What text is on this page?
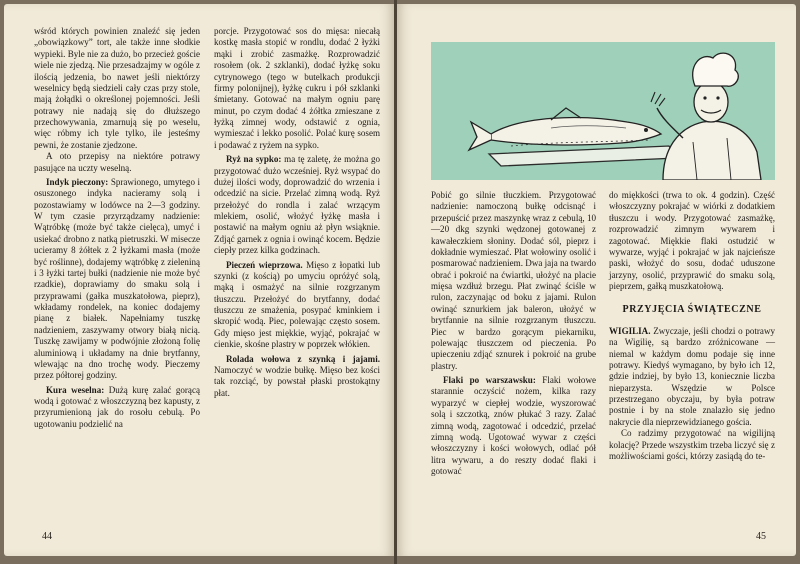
wśród których powinien znaleźć się jeden „obowiązkowy” tort, ale także inne słodkie wypieki. Byle nie za dużo, bo przecież goście wiele nie zjedzą. Nie przesadzajmy w ogóle z ilością jedzenia, bo nawet jeśli niektórzy weselnicy będą siedzieli cały czas przy stole, mają żołądki o określonej pojemności. Jeśli potrawy nie nadają się do dłuższego przechowywania, zmarnują się po weselu, więc róbmy ich tyle tylko, ile jesteśmy pewni, że zostanie zjedzone.

A oto przepisy na niektóre potrawy pasujące na uczty weselną.

Indyk pieczony: Sprawionego, umytego i osuszonego indyka nacieramy solą i pozostawiamy w lodówce na 2—3 godziny. W tym czasie przyrządzamy nadzienie: Wątróbkę (może być także cielęca), umyć i usiekać drobno z natką pietruszki. W misecze ucieramy 8 żółtek z 2 łyżkami masła (może być roślinne), dodajemy wątróbkę z zieleniną i 3 łyżki tartej bułki (nadzienie nie może być rzadkie), doprawiamy do smaku solą i przyprawami (gałka muszkatołowa, pieprz), wkładamy rondelek, na koniec dodajemy pianę z białek. Napełniamy tuszkę nadzieniem, zaszywamy otwory białą nicią. Tuszkę zawijamy w podwójnie złożoną folię aluminiową i układamy na dnie brytfanny, wlewając na dno trochę wody. Pieczemy przez półtorej godziny.

Kura weselna: Dużą kurę zalać gorącą wodą i gotować z włoszczyzną bez kapusty, z przyrumienioną jak do rosołu cebulą. Po ugotowaniu podzielić na

porcje. Przygotować sos do mięsa: niecałą kostkę masła stopić w rondlu, dodać 2 łyżki mąki i zrobić zasmażkę. Rozprowadzić rosołem (ok. 2 szklanki), dodać łyżkę soku cytrynowego (tego w butelkach produkcji firmy polonijnej), łyżkę cukru i pół szklanki śmietany. Gotować na małym ogniu parę minut, po czym dodać 4 żółtka zmieszane z łyżką zimnej wody, odstawić z ognia, wymieszać i lekko posolić. Polać kurę sosem i podawać z ryżem na sypko.

Ryż na sypko: ma tę zaletę, że można go przygotować dużo wcześniej. Ryż wsypać do dużej ilości wody, doprowadzić do wrzenia i odcedzić na sicie. Przelać zimną wodą. Ryż przełożyć do rondla i zalać wrzącym mlekiem, osolić, włożyć łyżkę masła i postawić na małym ogniu aż płyn wsiąknie. Zdjąć garnek z ognia i owinąć kocem. Będzie ciepły przez kilka godzinach.

Pieczeń wieprzowa. Mięso z łopatki lub szynki (z kością) po umyciu opróżyć solą, mąką i osmażyć na silnie rozgrzanym tłuszczu. Przełożyć do brytfanny, dodać tłuszczu ze smażenia, posypać kminkiem i skropić wodą. Piec, polewając często sosem. Gdy mięso jest miękkie, wyjąć, pokrajać w cienkie, skośne plastry w poprzek włókien.

Rolada wołowa z szynką i jajami. Namoczyć w wodzie bułkę. Mięso bez kości tak rozciąć, by powstał płaski prostokątny płat.

44

Pobić go silnie tłuczkiem. Przygotować nadzienie: namoczoną bułkę odcisnąć i przepuścić przez maszynkę wraz z cebulą, 10—20 dkg szynki wędzonej gotowanej z kawałeczkiem słoniny. Dodać sól, pieprz i dokładnie wymieszać. Płat wołowiny osolić i posmarować nadzieniem. Dwa jaja na twardo obrać i pokroić na ćwiartki, ułożyć na placie mięsa wzdłuż brzegu. Płat zwinąć ściśle w rulon, zaczynając od boku z jajami. Rulon owinąć sznurkiem jak baleron, ułożyć w brytfannie na silnie rozgrzanym tłuszczu. Piec w bardzo gorącym piekarniku, polewając tłuszczem od pieczenia. Po upieczeniu zdjąć sznurek i pokroić na grube plastry.

Flaki po warszawsku: Flaki wołowe starannie oczyścić nożem, kilka razy wyparzyć w ciepłej wodzie, wyszorować solą i szczotką, znów płukać 3 razy. Zalać zimną wodą, zagotować i odcedzić, przelać zimną wodą. Ugotować wywar z części włoszczyzny i kości wołowych, odlać pół litra wywaru, a do reszty dodać flaki i gotować

do miękkości (trwa to ok. 4 godzin). Część włoszczyzny pokrajać w wiórki z dodatkiem tłuszczu i wody. Przygotować zasmażkę, rozprowadzić zimnym wywarem i zagotować. Miękkie flaki ostudzić w wywarze, wyjąć i pokrajać w jak najcieńsze paski, włożyć do sosu, dodać uduszone jarzyny, osolić, przyprawić do smaku solą, pieprzem, gałką muszkatołową.

PRZYJĘCIA ŚWIĄTECZNE

WIGILIA. Zwyczaje, jeśli chodzi o potrawy na Wigilię, są bardzo zróżnicowane — niemal w każdym domu podaje się inne potrawy. Kiedyś wymagano, by było ich 12, gdzie indziej, by było 13, koniecznie liczba nieparzysta. Wszędzie w Polsce przestrzegano obyczaju, by była potraw postnie i by na stole znalazło się jedno nakrycie dla nieprzewidzianego gościa.

Co radzimy przygotować na wigilijną kolację? Przede wszystkim trzeba liczyć się z możliwościami gości, którzy zasiądą do te-

45
